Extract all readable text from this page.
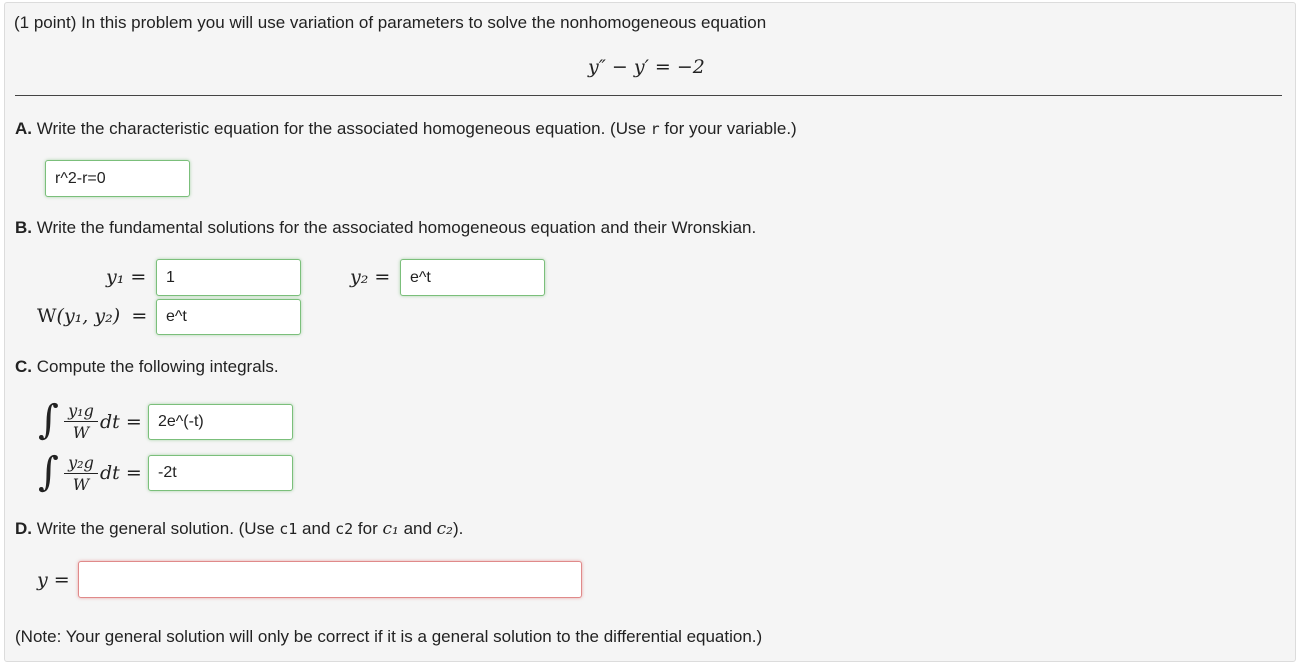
(1 point) In this problem you will use variation of parameters to solve the nonhomogeneous equation
y″ − y′ = −2
A. Write the characteristic equation for the associated homogeneous equation. (Use r for your variable.)
r^2-r=0
B. Write the fundamental solutions for the associated homogeneous equation and their Wronskian.
y₁ =
1	y₂ =
e^t
W(y₁, y₂) =
e^t
C. Compute the following integrals.
∫ y₁g
W dt =
2e^(-t)
∫ y₂g
W
dt =
-2t
D. Write the general solution. (Use c1 and c2 for c₁ and c₂).
y =
(Note: Your general solution will only be correct if it is a general solution to the differential equation.)
